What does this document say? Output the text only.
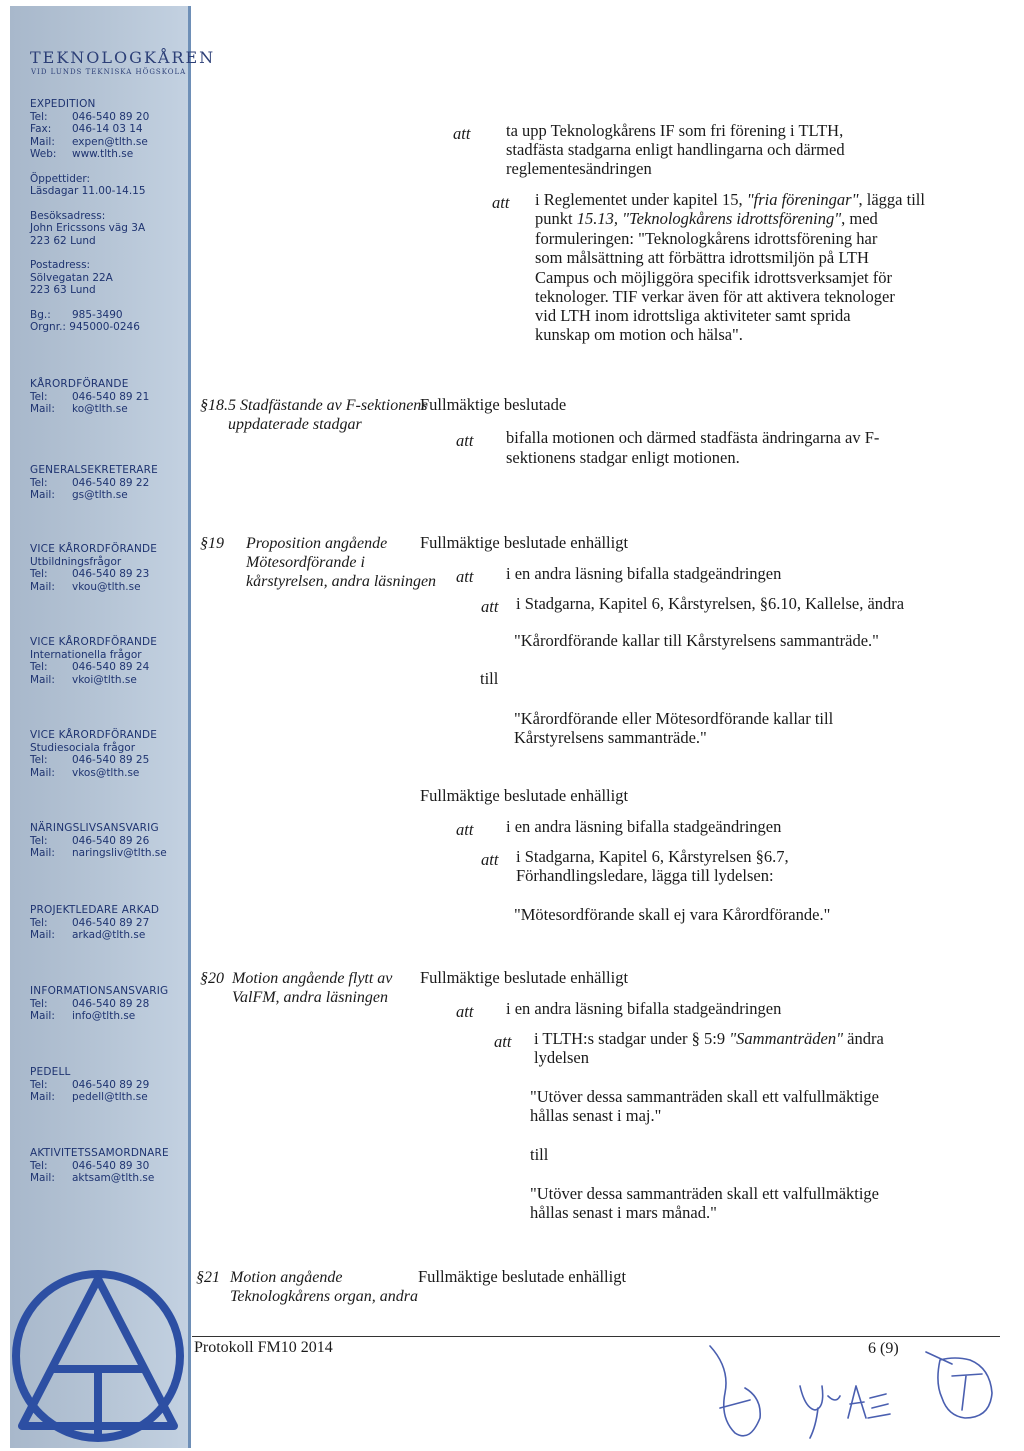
TEKNOLOGKÅREN
VID LUNDS TEKNISKA HÖGSKOLA
EXPEDITION
Tel: 046-540 89 20
Fax: 046-14 03 14
Mail: expen@tlth.se
Web: www.tlth.se
Öppettider:
Läsdagar 11.00-14.15
Besöksadress:
John Ericssons väg 3A
223 62 Lund
Postadress:
Sölvegatan 22A
223 63 Lund
Bg.: 985-3490
Orgnr.: 945000-0246
KÅRORDFÖRANDE
Tel: 046-540 89 21
Mail: ko@tlth.se
GENERALSEKRETERARE
Tel: 046-540 89 22
Mail: gs@tlth.se
VICE KÅRORDFÖRANDE
Utbildningsfrågor
Tel: 046-540 89 23
Mail: vkou@tlth.se
VICE KÅRORDFÖRANDE
Internationella frågor
Tel: 046-540 89 24
Mail: vkoi@tlth.se
VICE KÅRORDFÖRANDE
Studiesociala frågor
Tel: 046-540 89 25
Mail: vkos@tlth.se
NÄRINGSLIVSANSVARIG
Tel: 046-540 89 26
Mail: naringsliv@tlth.se
PROJEKTLEDARE ARKAD
Tel: 046-540 89 27
Mail: arkad@tlth.se
INFORMATIONSANSVARIG
Tel: 046-540 89 28
Mail: info@tlth.se
PEDELL
Tel: 046-540 89 29
Mail: pedell@tlth.se
AKTIVITETSSAMORDNARE
Tel: 046-540 89 30
Mail: aktsam@tlth.se
att ta upp Teknologkårens IF som fri förening i TLTH,
stadfästa stadgarna enligt handlingarna och därmed
reglementesändringen
att i Reglementet under kapitel 15, "fria föreningar", lägga till
punkt 15.13, "Teknologkårens idrottsförening", med
formuleringen: "Teknologkårens idrottsförening har
som målsättning att förbättra idrottsmiljön på LTH
Campus och möjliggöra specifik idrottsverksamjet för
teknologer. TIF verkar även för att aktivera teknologer
vid LTH inom idrottsliga aktiviteter samt sprida
kunskap om motion och hälsa".
§18.5 Stadfästande av F-sektionens
uppdaterade stadgar
Fullmäktige beslutade
att bifalla motionen och därmed stadfästa ändringarna av F-
sektionens stadgar enligt motionen.
§19 Proposition angående
Mötesordförande i
kårstyrelsen, andra läsningen
Fullmäktige beslutade enhälligt
att i en andra läsning bifalla stadgeändringen
att i Stadgarna, Kapitel 6, Kårstyrelsen, §6.10, Kallelse, ändra
"Kårordförande kallar till Kårstyrelsens sammanträde."
till
"Kårordförande eller Mötesordförande kallar till
Kårstyrelsens sammanträde."
Fullmäktige beslutade enhälligt
att i en andra läsning bifalla stadgeändringen
att i Stadgarna, Kapitel 6, Kårstyrelsen §6.7,
Förhandlingsledare, lägga till lydelsen:
"Mötesordförande skall ej vara Kårordförande."
§20 Motion angående flytt av
ValFM, andra läsningen
Fullmäktige beslutade enhälligt
att i en andra läsning bifalla stadgeändringen
att i TLTH:s stadgar under § 5:9 "Sammanträden" ändra
lydelsen
"Utöver dessa sammanträden skall ett valfullmäktige
hållas senast i maj."
till
"Utöver dessa sammanträden skall ett valfullmäktige
hållas senast i mars månad."
§21 Motion angående
Teknologkårens organ, andra
Fullmäktige beslutade enhälligt
Protokoll FM10 2014	6 (9)
